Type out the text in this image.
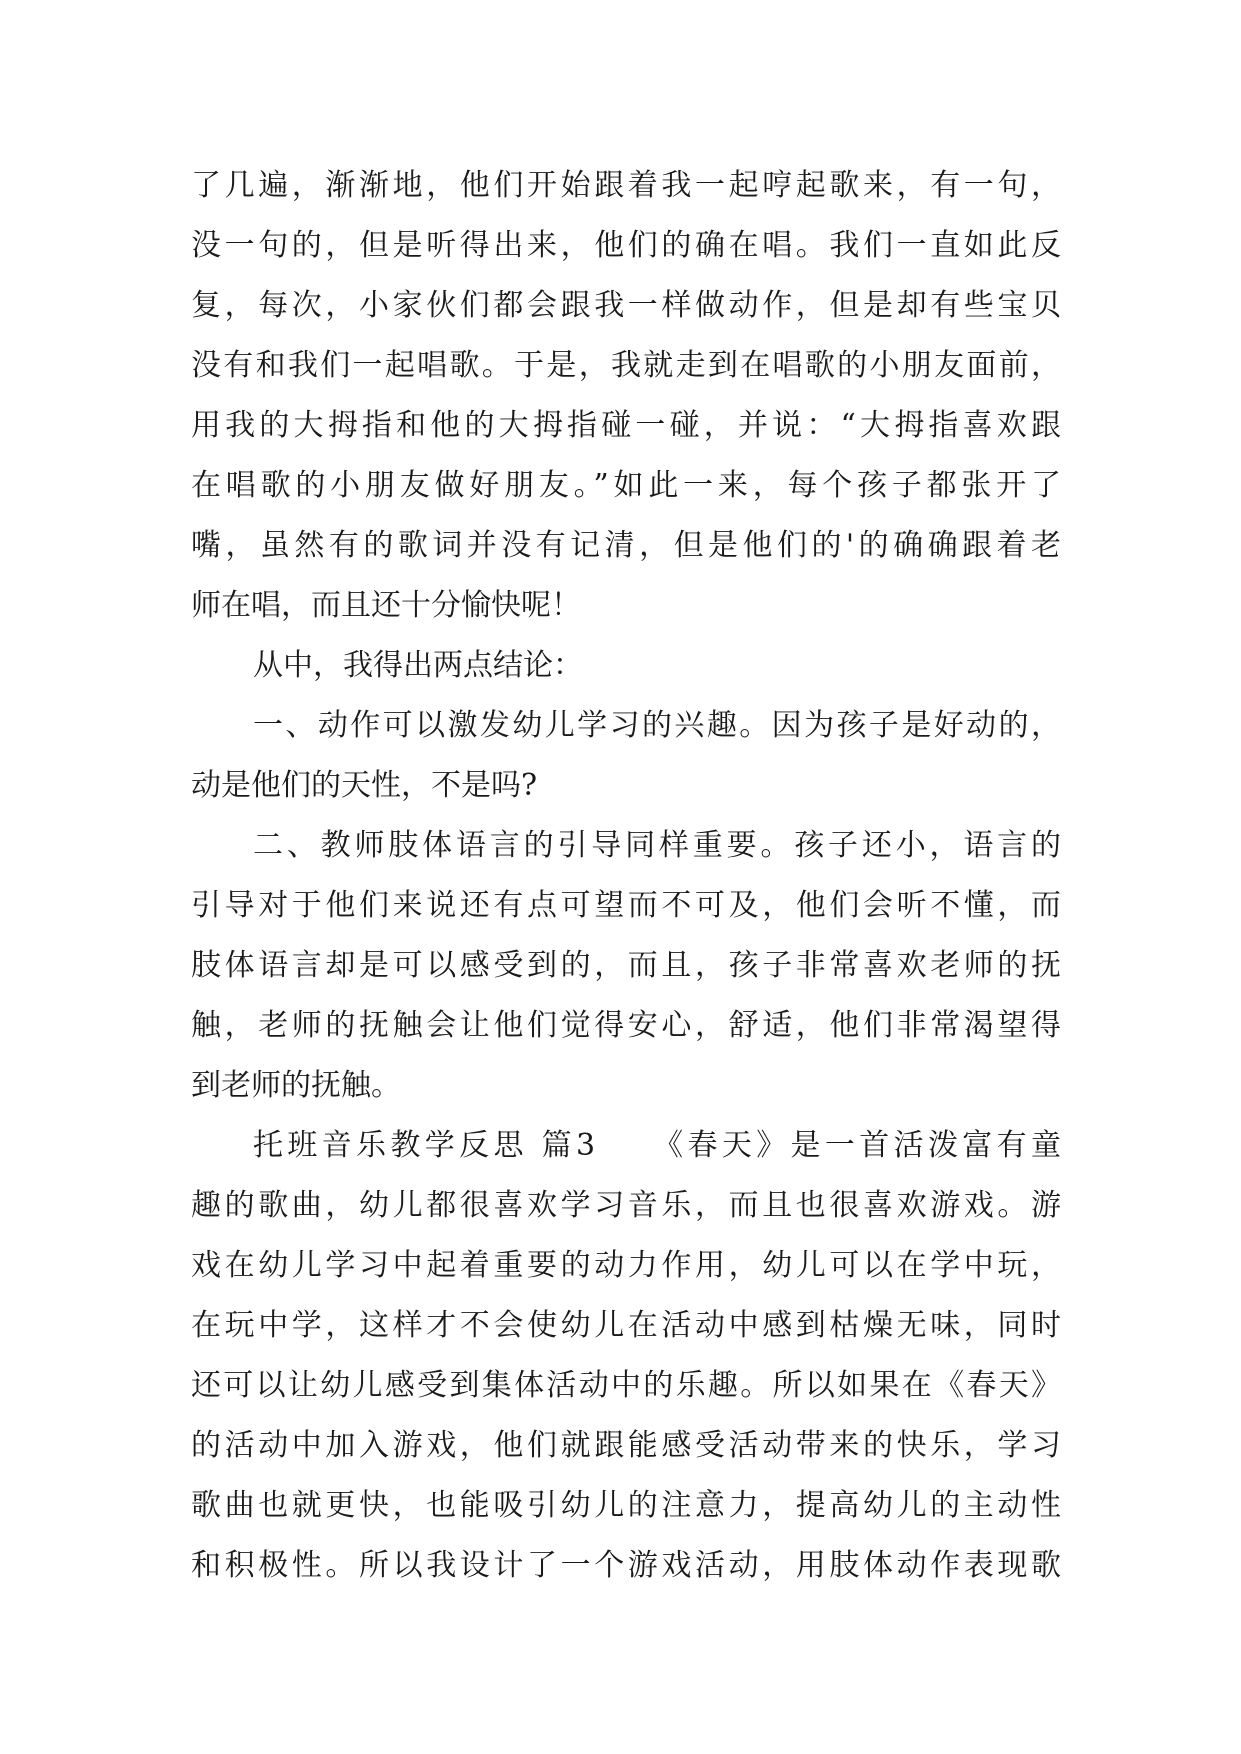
了几遍，渐渐地，他们开始跟着我一起哼起歌来，有一句，
没一句的，但是听得出来，他们的确在唱。我们一直如此反
复，每次，小家伙们都会跟我一样做动作，但是却有些宝贝
没有和我们一起唱歌。于是，我就走到在唱歌的小朋友面前，
用我的大拇指和他的大拇指碰一碰，并说：“大拇指喜欢跟
在唱歌的小朋友做好朋友。”如此一来，每个孩子都张开了
嘴，虽然有的歌词并没有记清，但是他们的'的确确跟着老
师在唱，而且还十分愉快呢！
从中，我得出两点结论：
一、动作可以激发幼儿学习的兴趣。因为孩子是好动的，
动是他们的天性，不是吗?
二、教师肢体语言的引导同样重要。孩子还小，语言的
引导对于他们来说还有点可望而不可及，他们会听不懂，而
肢体语言却是可以感受到的，而且，孩子非常喜欢老师的抚
触，老师的抚触会让他们觉得安心，舒适，他们非常渴望得
到老师的抚触。
托班音乐教学反思 篇3　　《春天》是一首活泼富有童
趣的歌曲，幼儿都很喜欢学习音乐，而且也很喜欢游戏。游
戏在幼儿学习中起着重要的动力作用，幼儿可以在学中玩，
在玩中学，这样才不会使幼儿在活动中感到枯燥无味，同时
还可以让幼儿感受到集体活动中的乐趣。所以如果在《春天》
的活动中加入游戏，他们就跟能感受活动带来的快乐，学习
歌曲也就更快，也能吸引幼儿的注意力，提高幼儿的主动性
和积极性。所以我设计了一个游戏活动，用肢体动作表现歌
